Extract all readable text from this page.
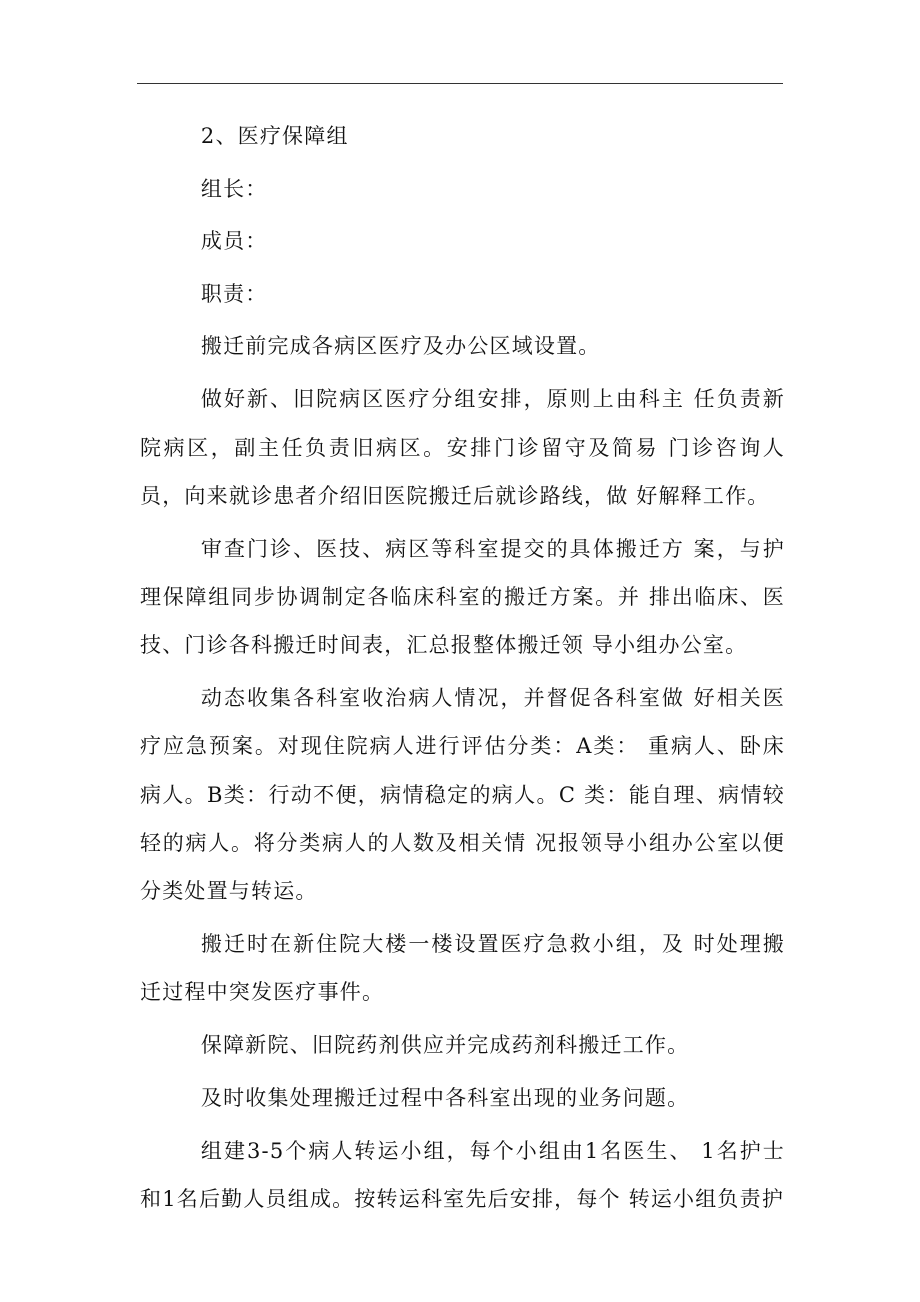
2、医疗保障组

组长：

成员：

职责：

搬迁前完成各病区医疗及办公区域设置。

做好新、旧院病区医疗分组安排，原则上由科主 任负责新院病区，副主任负责旧病区。安排门诊留守及简易 门诊咨询人员，向来就诊患者介绍旧医院搬迁后就诊路线，做 好解释工作。

审查门诊、医技、病区等科室提交的具体搬迁方 案，与护理保障组同步协调制定各临床科室的搬迁方案。并 排出临床、医技、门诊各科搬迁时间表，汇总报整体搬迁领 导小组办公室。

动态收集各科室收治病人情况，并督促各科室做 好相关医疗应急预案。对现住院病人进行评估分类：A类： 重病人、卧床病人。B类：行动不便，病情稳定的病人。C 类：能自理、病情较轻的病人。将分类病人的人数及相关情 况报领导小组办公室以便分类处置与转运。

搬迁时在新住院大楼一楼设置医疗急救小组，及 时处理搬迁过程中突发医疗事件。

保障新院、旧院药剂供应并完成药剂科搬迁工作。

及时收集处理搬迁过程中各科室出现的业务问题。

组建3-5个病人转运小组，每个小组由1名医生、 1名护士和1名后勤人员组成。按转运科室先后安排，每个 转运小组负责护
